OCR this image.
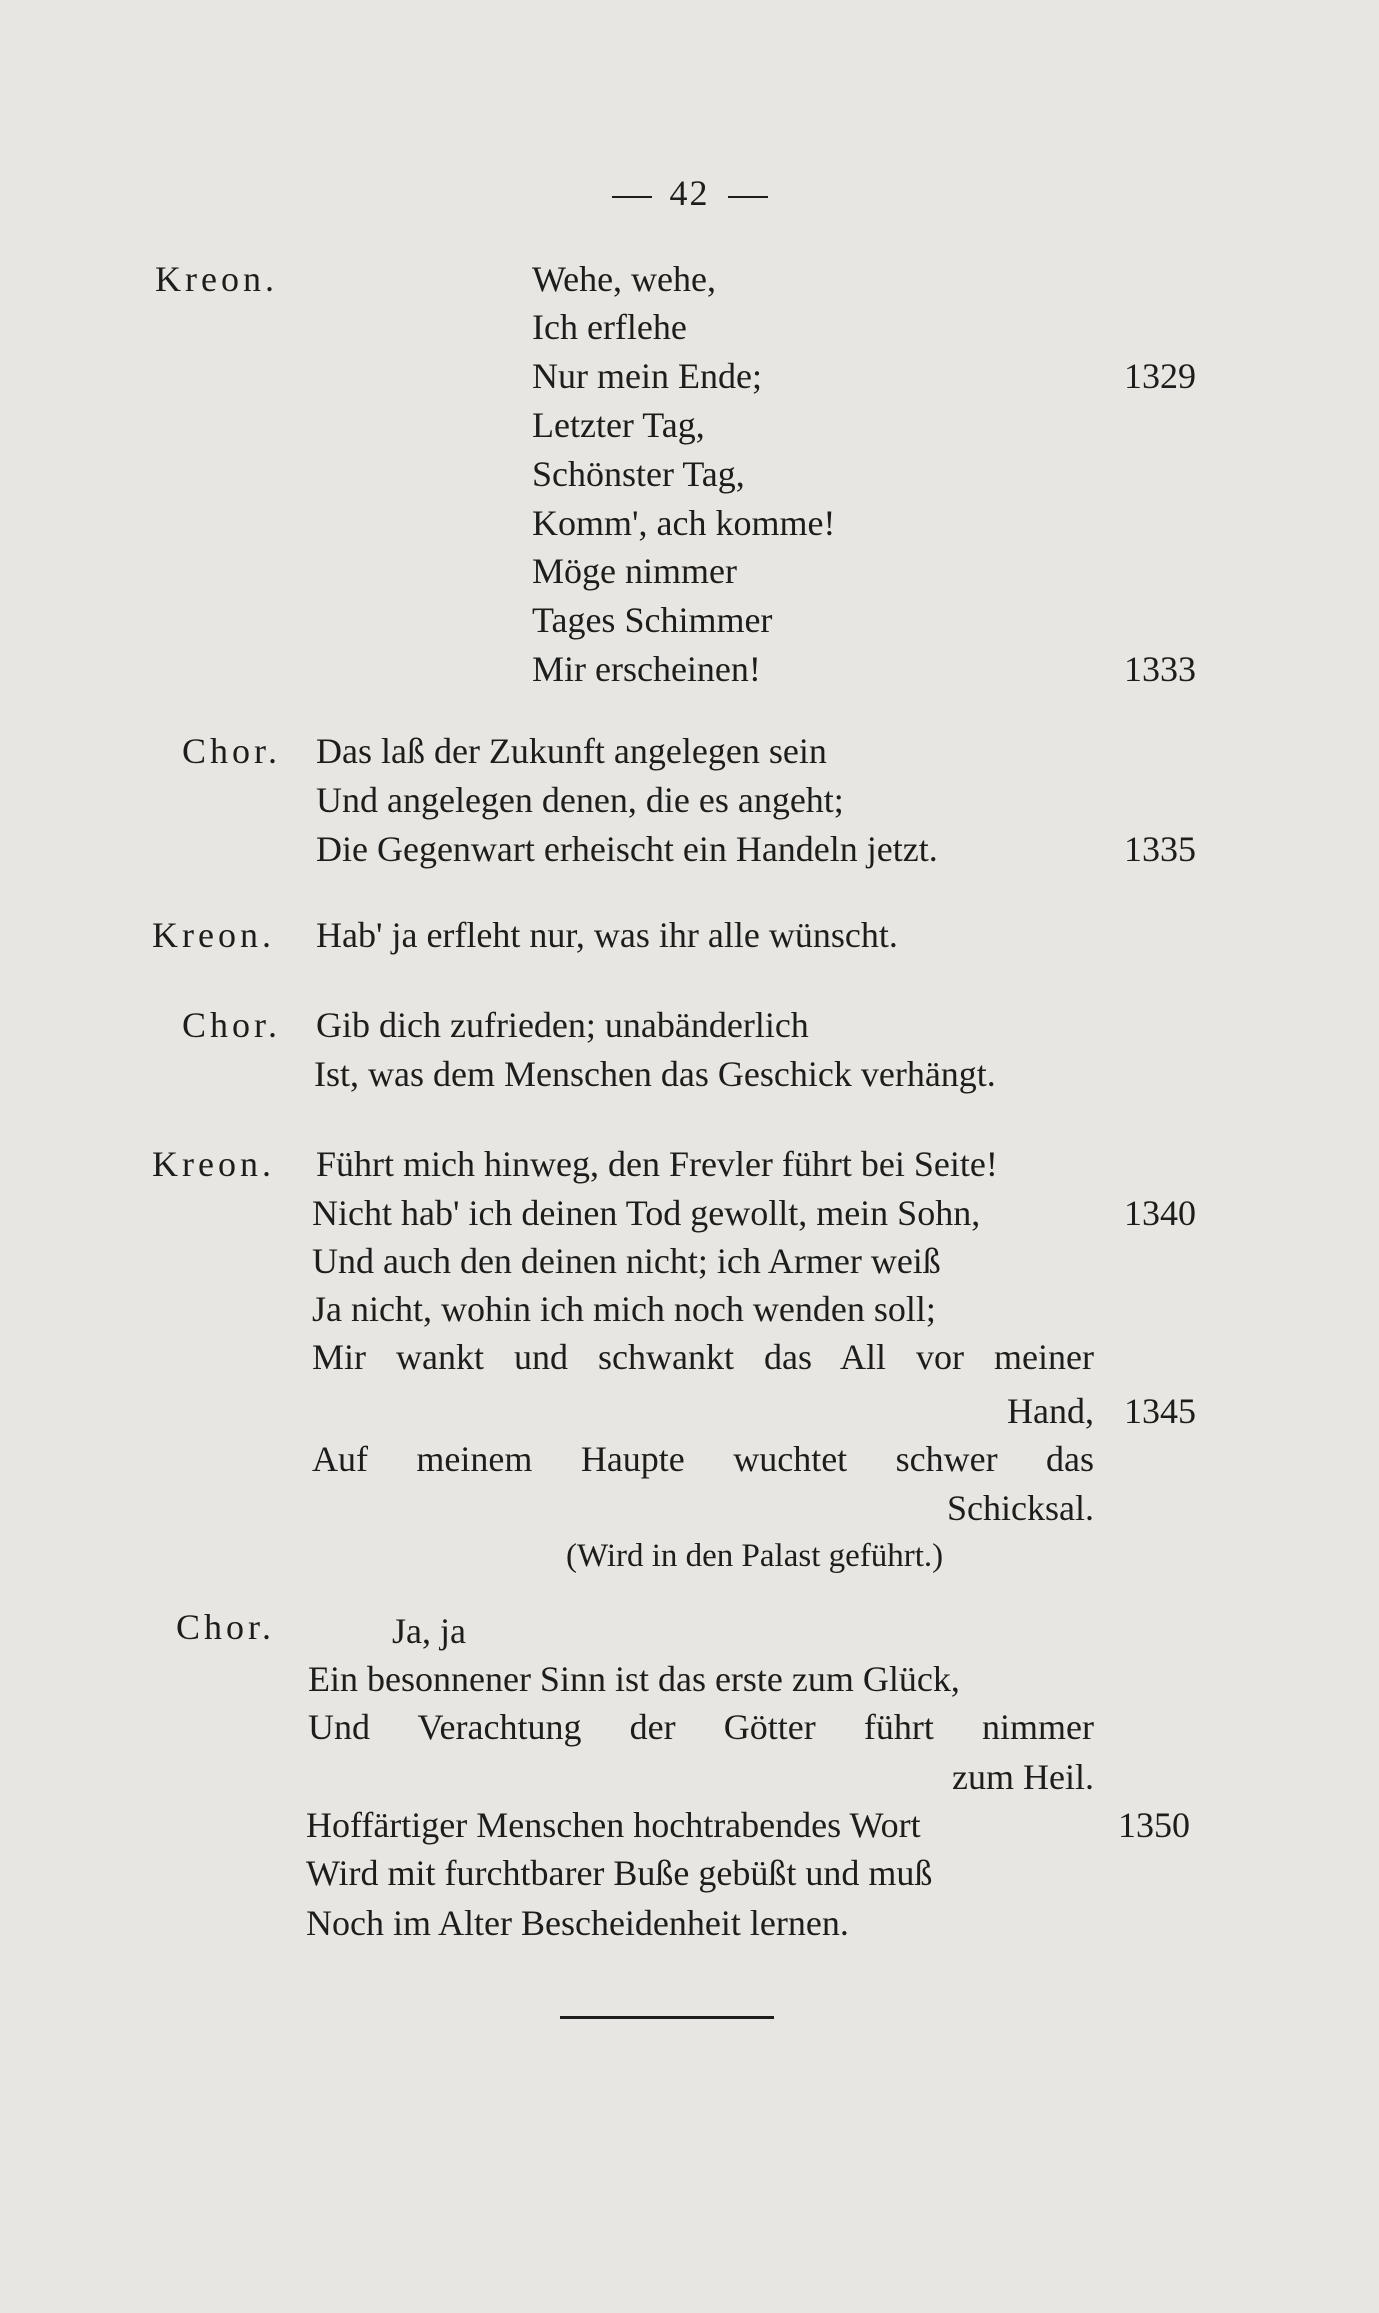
42
Kreon.	Wehe, wehe,
Ich erflehe
Nur mein Ende;	1329
Letzter Tag,
Schönster Tag,
Komm', ach komme!
Möge nimmer
Tages Schimmer
Mir erscheinen!	1333
Chor. Das laß der Zukunft angelegen sein
Und angelegen denen, die es angeht;
Die Gegenwart erheischt ein Handeln jetzt.	1335
Kreon. Hab' ja erfleht nur, was ihr alle wünscht.
Chor. Gib dich zufrieden; unabänderlich
Ist, was dem Menschen das Geschick verhängt.
Kreon. Führt mich hinweg, den Frevler führt bei Seite!
Nicht hab' ich deinen Tod gewollt, mein Sohn,	1340
Und auch den deinen nicht; ich Armer weiß
Ja nicht, wohin ich mich noch wenden soll;
Mir wankt und schwankt das All vor meiner
Hand, 1345
Auf meinem Haupte wuchtet schwer das
Schicksal.
(Wird in den Palast geführt.)
Chor.	Ja, ja
Ein besonnener Sinn ist das erste zum Glück,
Und Verachtung der Götter führt nimmer
zum Heil.
Hoffärtiger Menschen hochtrabendes Wort	1350
Wird mit furchtbarer Buße gebüßt und muß
Noch im Alter Bescheidenheit lernen.
